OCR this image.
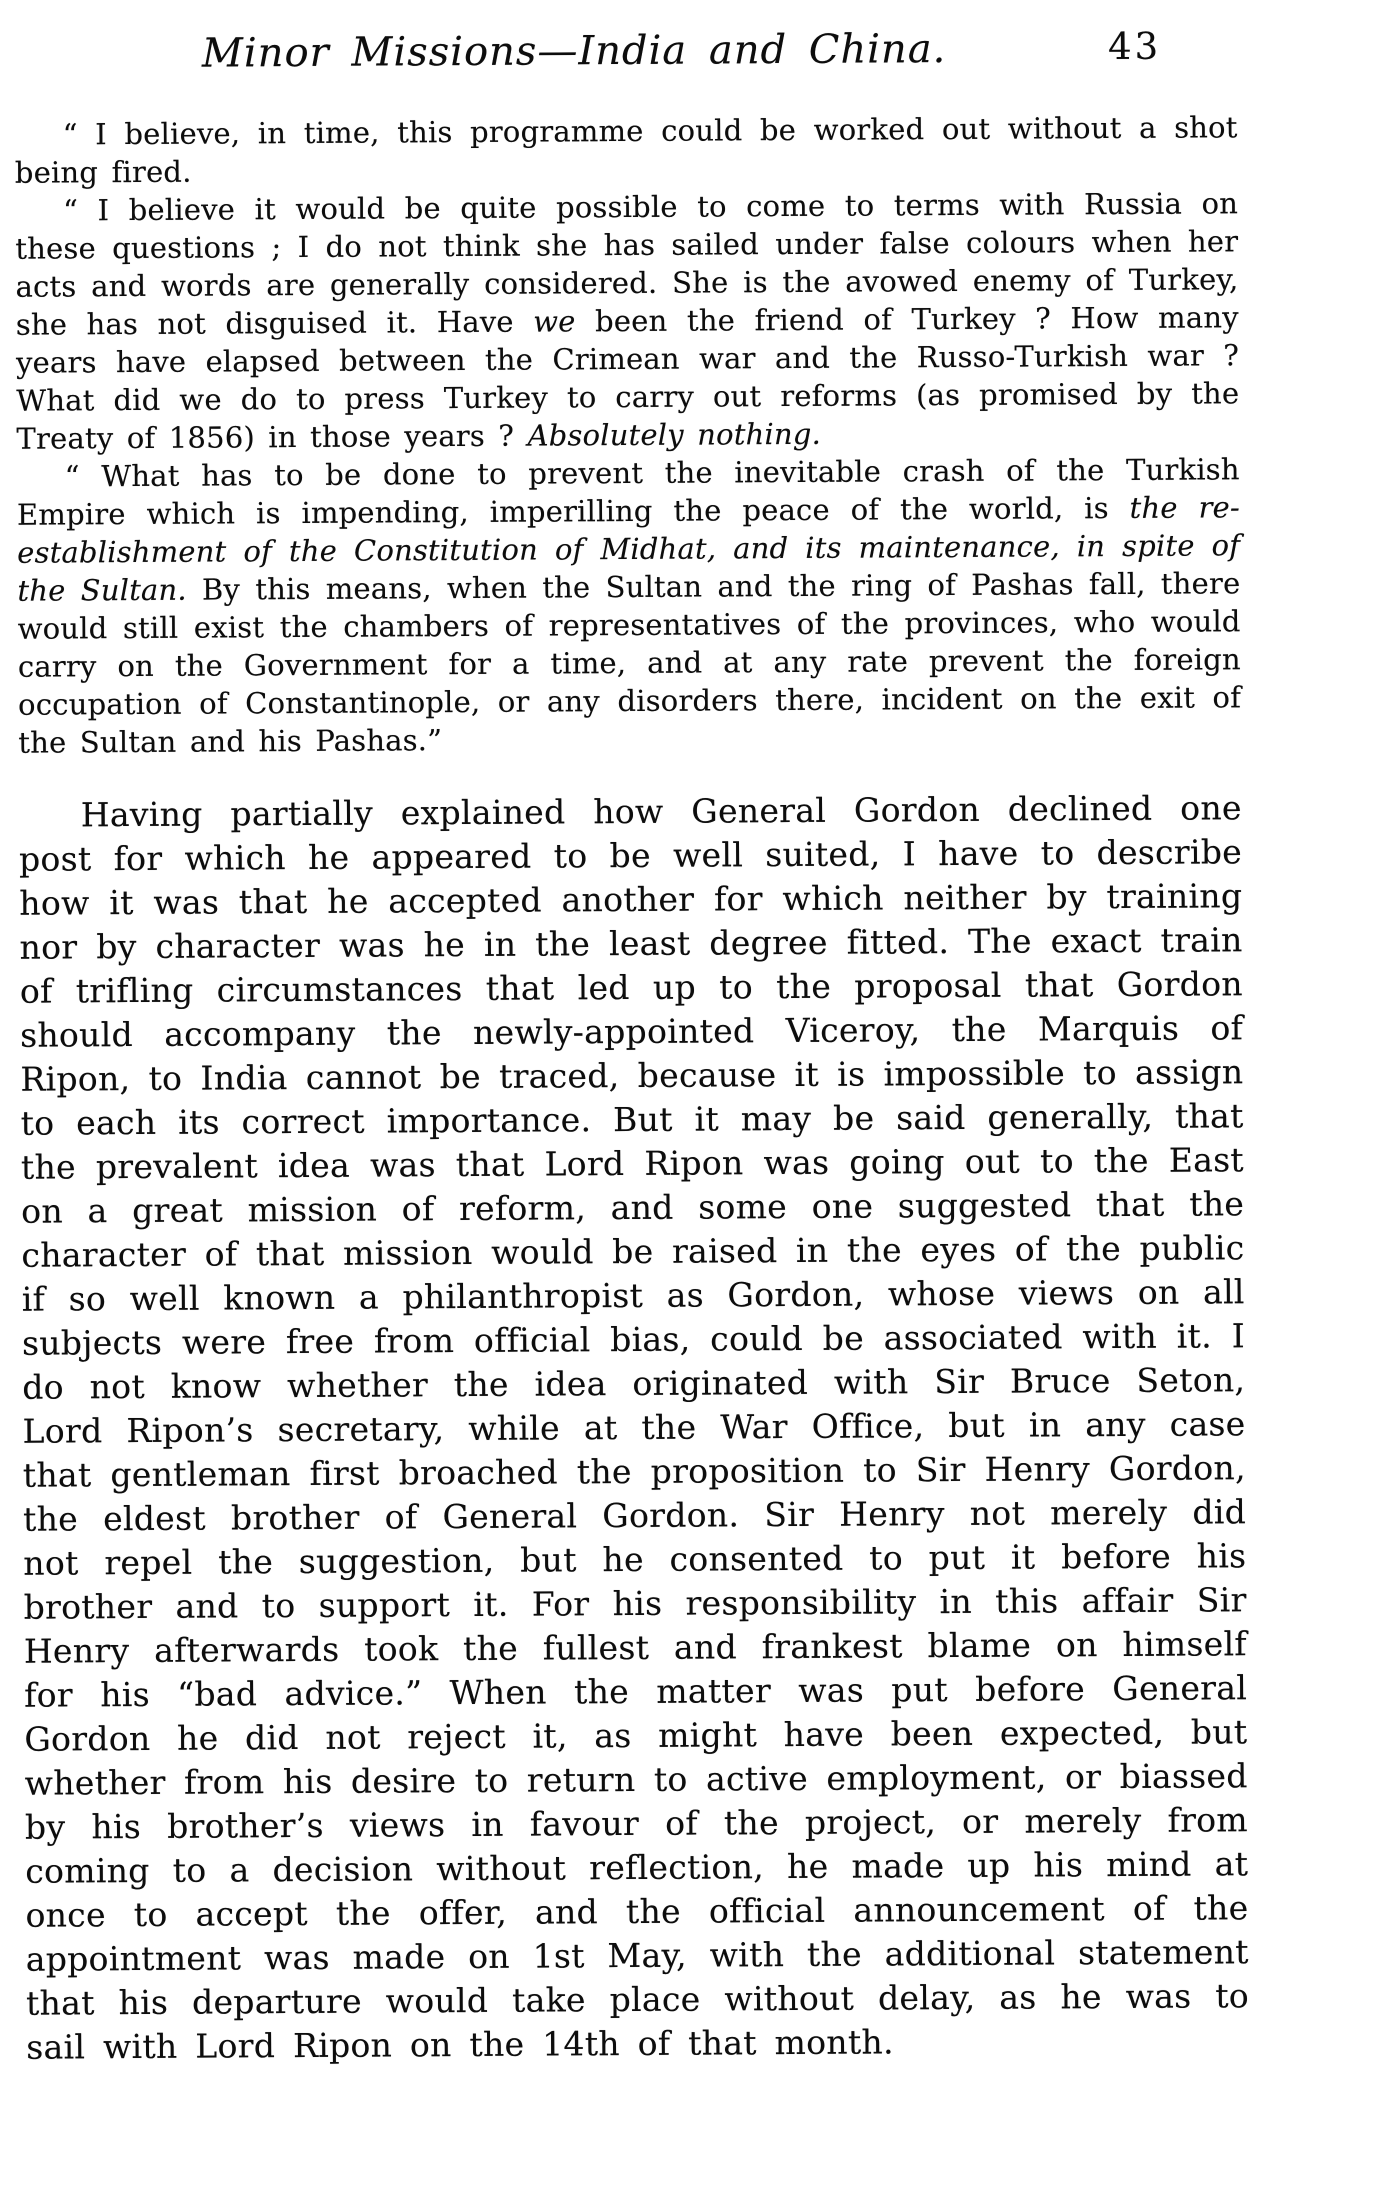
Minor Missions—India and China.	43

“ I believe, in time, this programme could be worked out without a shot being fired.

“ I believe it would be quite possible to come to terms with Russia on these questions ; I do not think she has sailed under false colours when her acts and words are generally considered. She is the avowed enemy of Turkey, she has not disguised it. Have we been the friend of Turkey ? How many years have elapsed between the Crimean war and the Russo-Turkish war ? What did we do to press Turkey to carry out reforms (as promised by the Treaty of 1856) in those years ? Absolutely nothing.

“ What has to be done to prevent the inevitable crash of the Turkish Empire which is impending, imperilling the peace of the world, is the re-establishment of the Constitution of Midhat, and its maintenance, in spite of the Sultan. By this means, when the Sultan and the ring of Pashas fall, there would still exist the chambers of representatives of the provinces, who would carry on the Government for a time, and at any rate prevent the foreign occupation of Constantinople, or any disorders there, incident on the exit of the Sultan and his Pashas.”

Having partially explained how General Gordon declined one post for which he appeared to be well suited, I have to describe how it was that he accepted another for which neither by training nor by character was he in the least degree fitted. The exact train of trifling circumstances that led up to the proposal that Gordon should accompany the newly-appointed Viceroy, the Marquis of Ripon, to India cannot be traced, because it is impossible to assign to each its correct importance. But it may be said generally, that the prevalent idea was that Lord Ripon was going out to the East on a great mission of reform, and some one suggested that the character of that mission would be raised in the eyes of the public if so well known a philanthropist as Gordon, whose views on all subjects were free from official bias, could be associated with it. I do not know whether the idea originated with Sir Bruce Seton, Lord Ripon’s secretary, while at the War Office, but in any case that gentleman first broached the proposition to Sir Henry Gordon, the eldest brother of General Gordon. Sir Henry not merely did not repel the suggestion, but he consented to put it before his brother and to support it. For his responsibility in this affair Sir Henry afterwards took the fullest and frankest blame on himself for his “bad advice.” When the matter was put before General Gordon he did not reject it, as might have been expected, but whether from his desire to return to active employment, or biassed by his brother’s views in favour of the project, or merely from coming to a decision without reflection, he made up his mind at once to accept the offer, and the official announcement of the appointment was made on 1st May, with the additional statement that his departure would take place without delay, as he was to sail with Lord Ripon on the 14th of that month.
